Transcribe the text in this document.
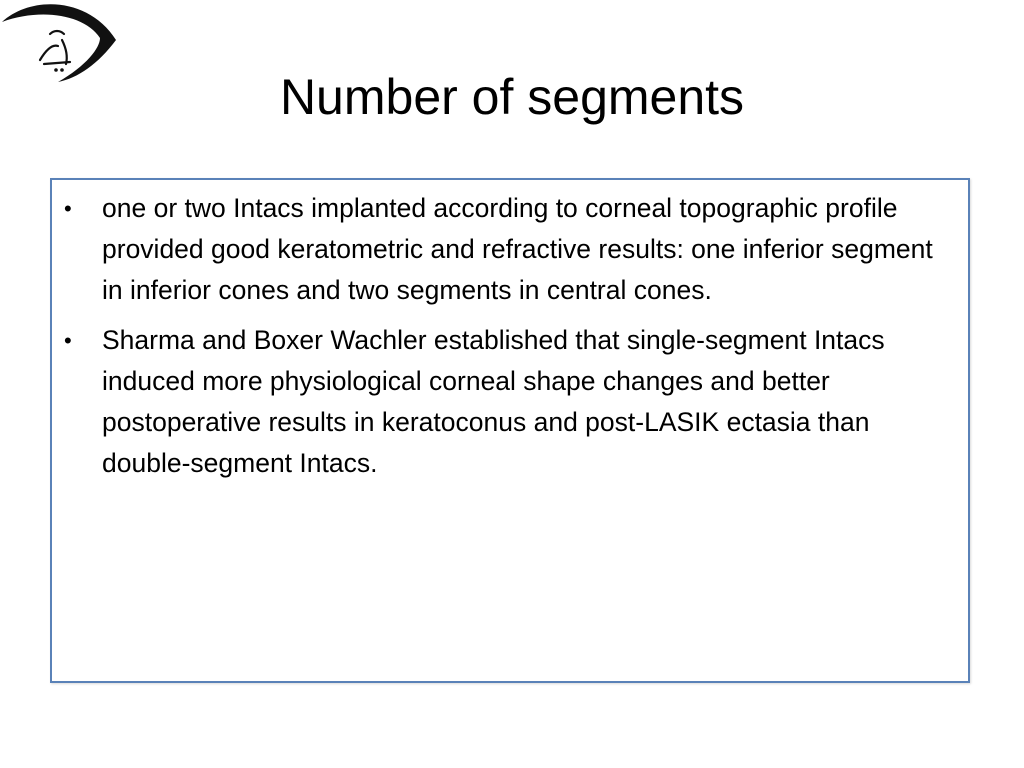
Number of segments
• one or two Intacs implanted according to corneal topographic profile provided good keratometric and refractive results: one inferior segment in inferior cones and two segments in central cones.
• Sharma and Boxer Wachler established that single-segment Intacs induced more physiological corneal shape changes and better postoperative results in keratoconus and post-LASIK ectasia than double-segment Intacs.
